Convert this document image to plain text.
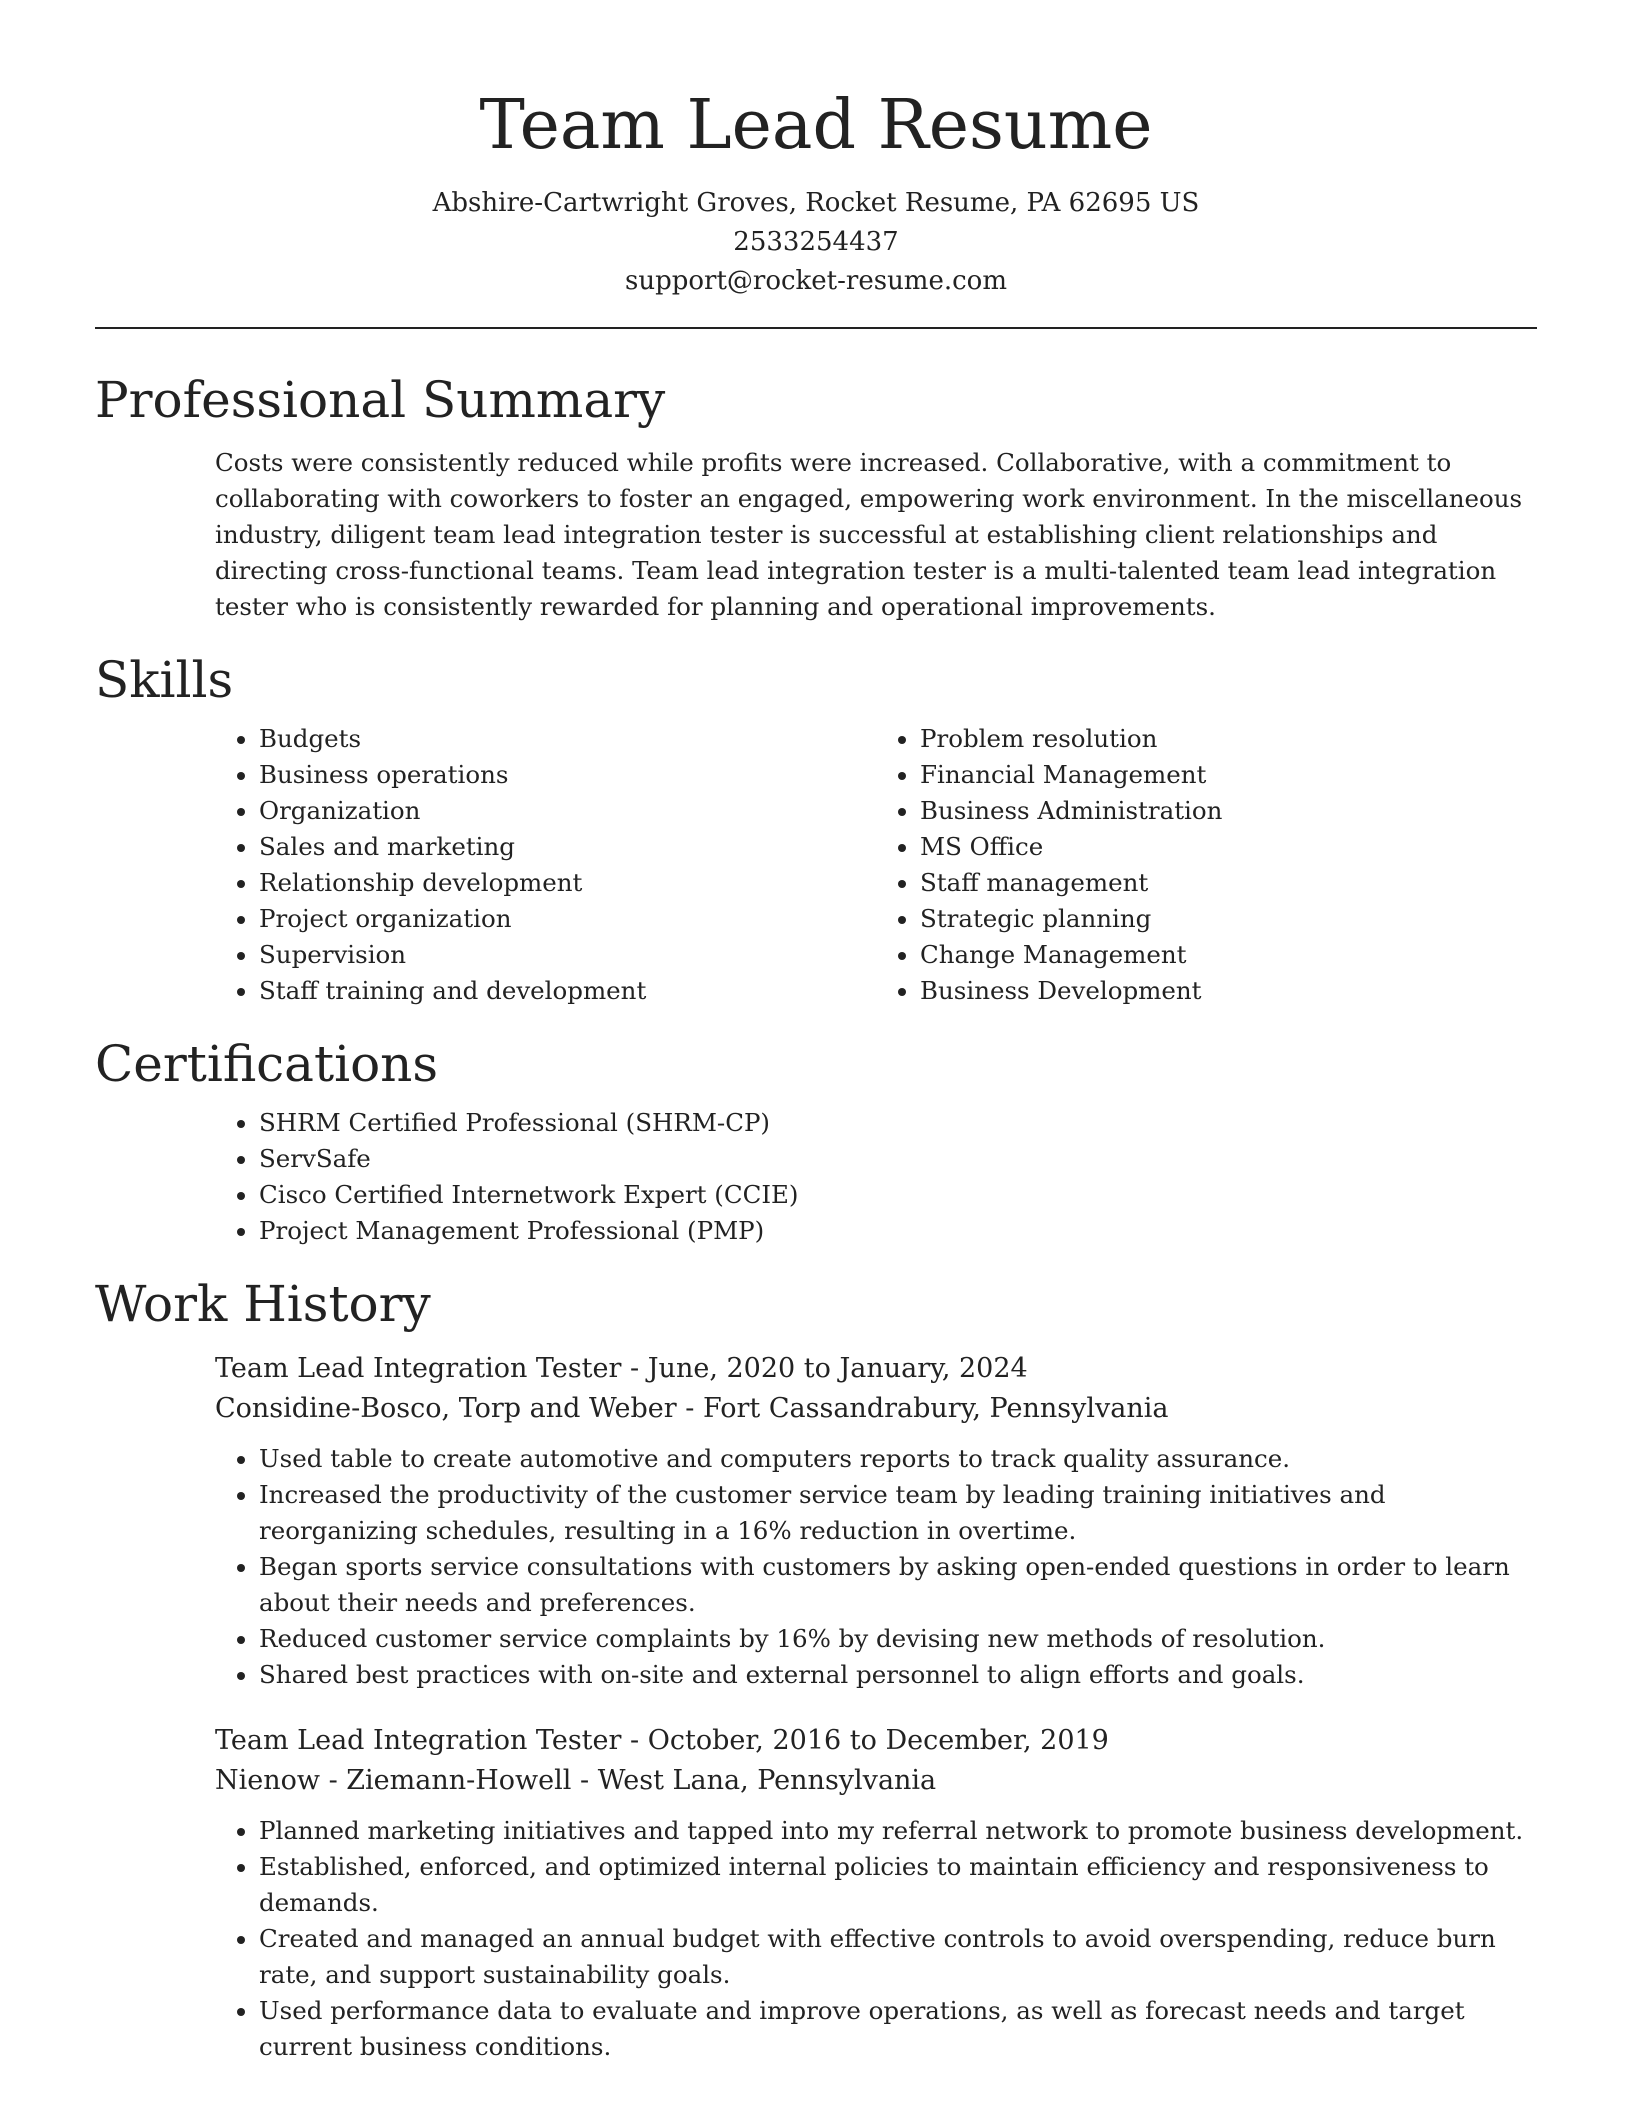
Team Lead Resume
Abshire-Cartwright Groves, Rocket Resume, PA 62695 US
2533254437
support@rocket-resume.com
Professional Summary
Costs were consistently reduced while profits were increased. Collaborative, with a commitment to collaborating with coworkers to foster an engaged, empowering work environment. In the miscellaneous industry, diligent team lead integration tester is successful at establishing client relationships and directing cross-functional teams. Team lead integration tester is a multi-talented team lead integration tester who is consistently rewarded for planning and operational improvements.
Skills
• Budgets
• Business operations
• Organization
• Sales and marketing
• Relationship development
• Project organization
• Supervision
• Staff training and development
• Problem resolution
• Financial Management
• Business Administration
• MS Office
• Staff management
• Strategic planning
• Change Management
• Business Development
Certifications
• SHRM Certified Professional (SHRM-CP)
• ServSafe
• Cisco Certified Internetwork Expert (CCIE)
• Project Management Professional (PMP)
Work History
Team Lead Integration Tester - June, 2020 to January, 2024
Considine-Bosco, Torp and Weber - Fort Cassandrabury, Pennsylvania
• Used table to create automotive and computers reports to track quality assurance.
• Increased the productivity of the customer service team by leading training initiatives and reorganizing schedules, resulting in a 16% reduction in overtime.
• Began sports service consultations with customers by asking open-ended questions in order to learn about their needs and preferences.
• Reduced customer service complaints by 16% by devising new methods of resolution.
• Shared best practices with on-site and external personnel to align efforts and goals.
Team Lead Integration Tester - October, 2016 to December, 2019
Nienow - Ziemann-Howell - West Lana, Pennsylvania
• Planned marketing initiatives and tapped into my referral network to promote business development.
• Established, enforced, and optimized internal policies to maintain efficiency and responsiveness to demands.
• Created and managed an annual budget with effective controls to avoid overspending, reduce burn rate, and support sustainability goals.
• Used performance data to evaluate and improve operations, as well as forecast needs and target current business conditions.
